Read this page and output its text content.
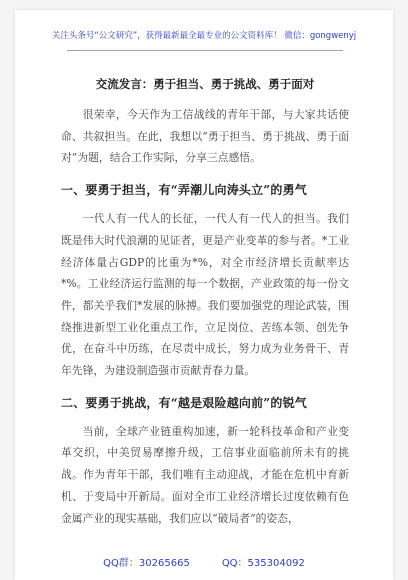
关注头条号“公文研究”，获得最新最全最专业的公文资料库！ 微信：gongwenyj
交流发言：勇于担当、勇于挑战、勇于面对

很荣幸，今天作为工信战线的青年干部，与大家共话使命、共叙担当。在此，我想以“勇于担当、勇于挑战、勇于面对”为题，结合工作实际，分享三点感悟。

一、要勇于担当，有“弄潮儿向涛头立”的勇气

一代人有一代人的长征，一代人有一代人的担当。我们既是伟大时代浪潮的见证者，更是产业变革的参与者。*工业经济体量占GDP的比重为*%，对全市经济增长贡献率达*%。工业经济运行监测的每一个数据，产业政策的每一份文件，都关乎我们*发展的脉搏。我们要加强党的理论武装，围绕推进新型工业化重点工作，立足岗位、苦练本领、创先争优，在奋斗中历练，在尽责中成长，努力成为业务骨干、青年先锋，为建设制造强市贡献青春力量。

二、要勇于挑战，有“越是艰险越向前”的锐气

当前，全球产业链重构加速，新一轮科技革命和产业变革交织，中美贸易摩擦升级，工信事业面临前所未有的挑战。作为青年干部，我们唯有主动迎战，才能在危机中育新机、于变局中开新局。面对全市工业经济增长过度依赖有色金属产业的现实基础，我们应以“破局者”的姿态，

QQ群：30265665	QQ：535304092
